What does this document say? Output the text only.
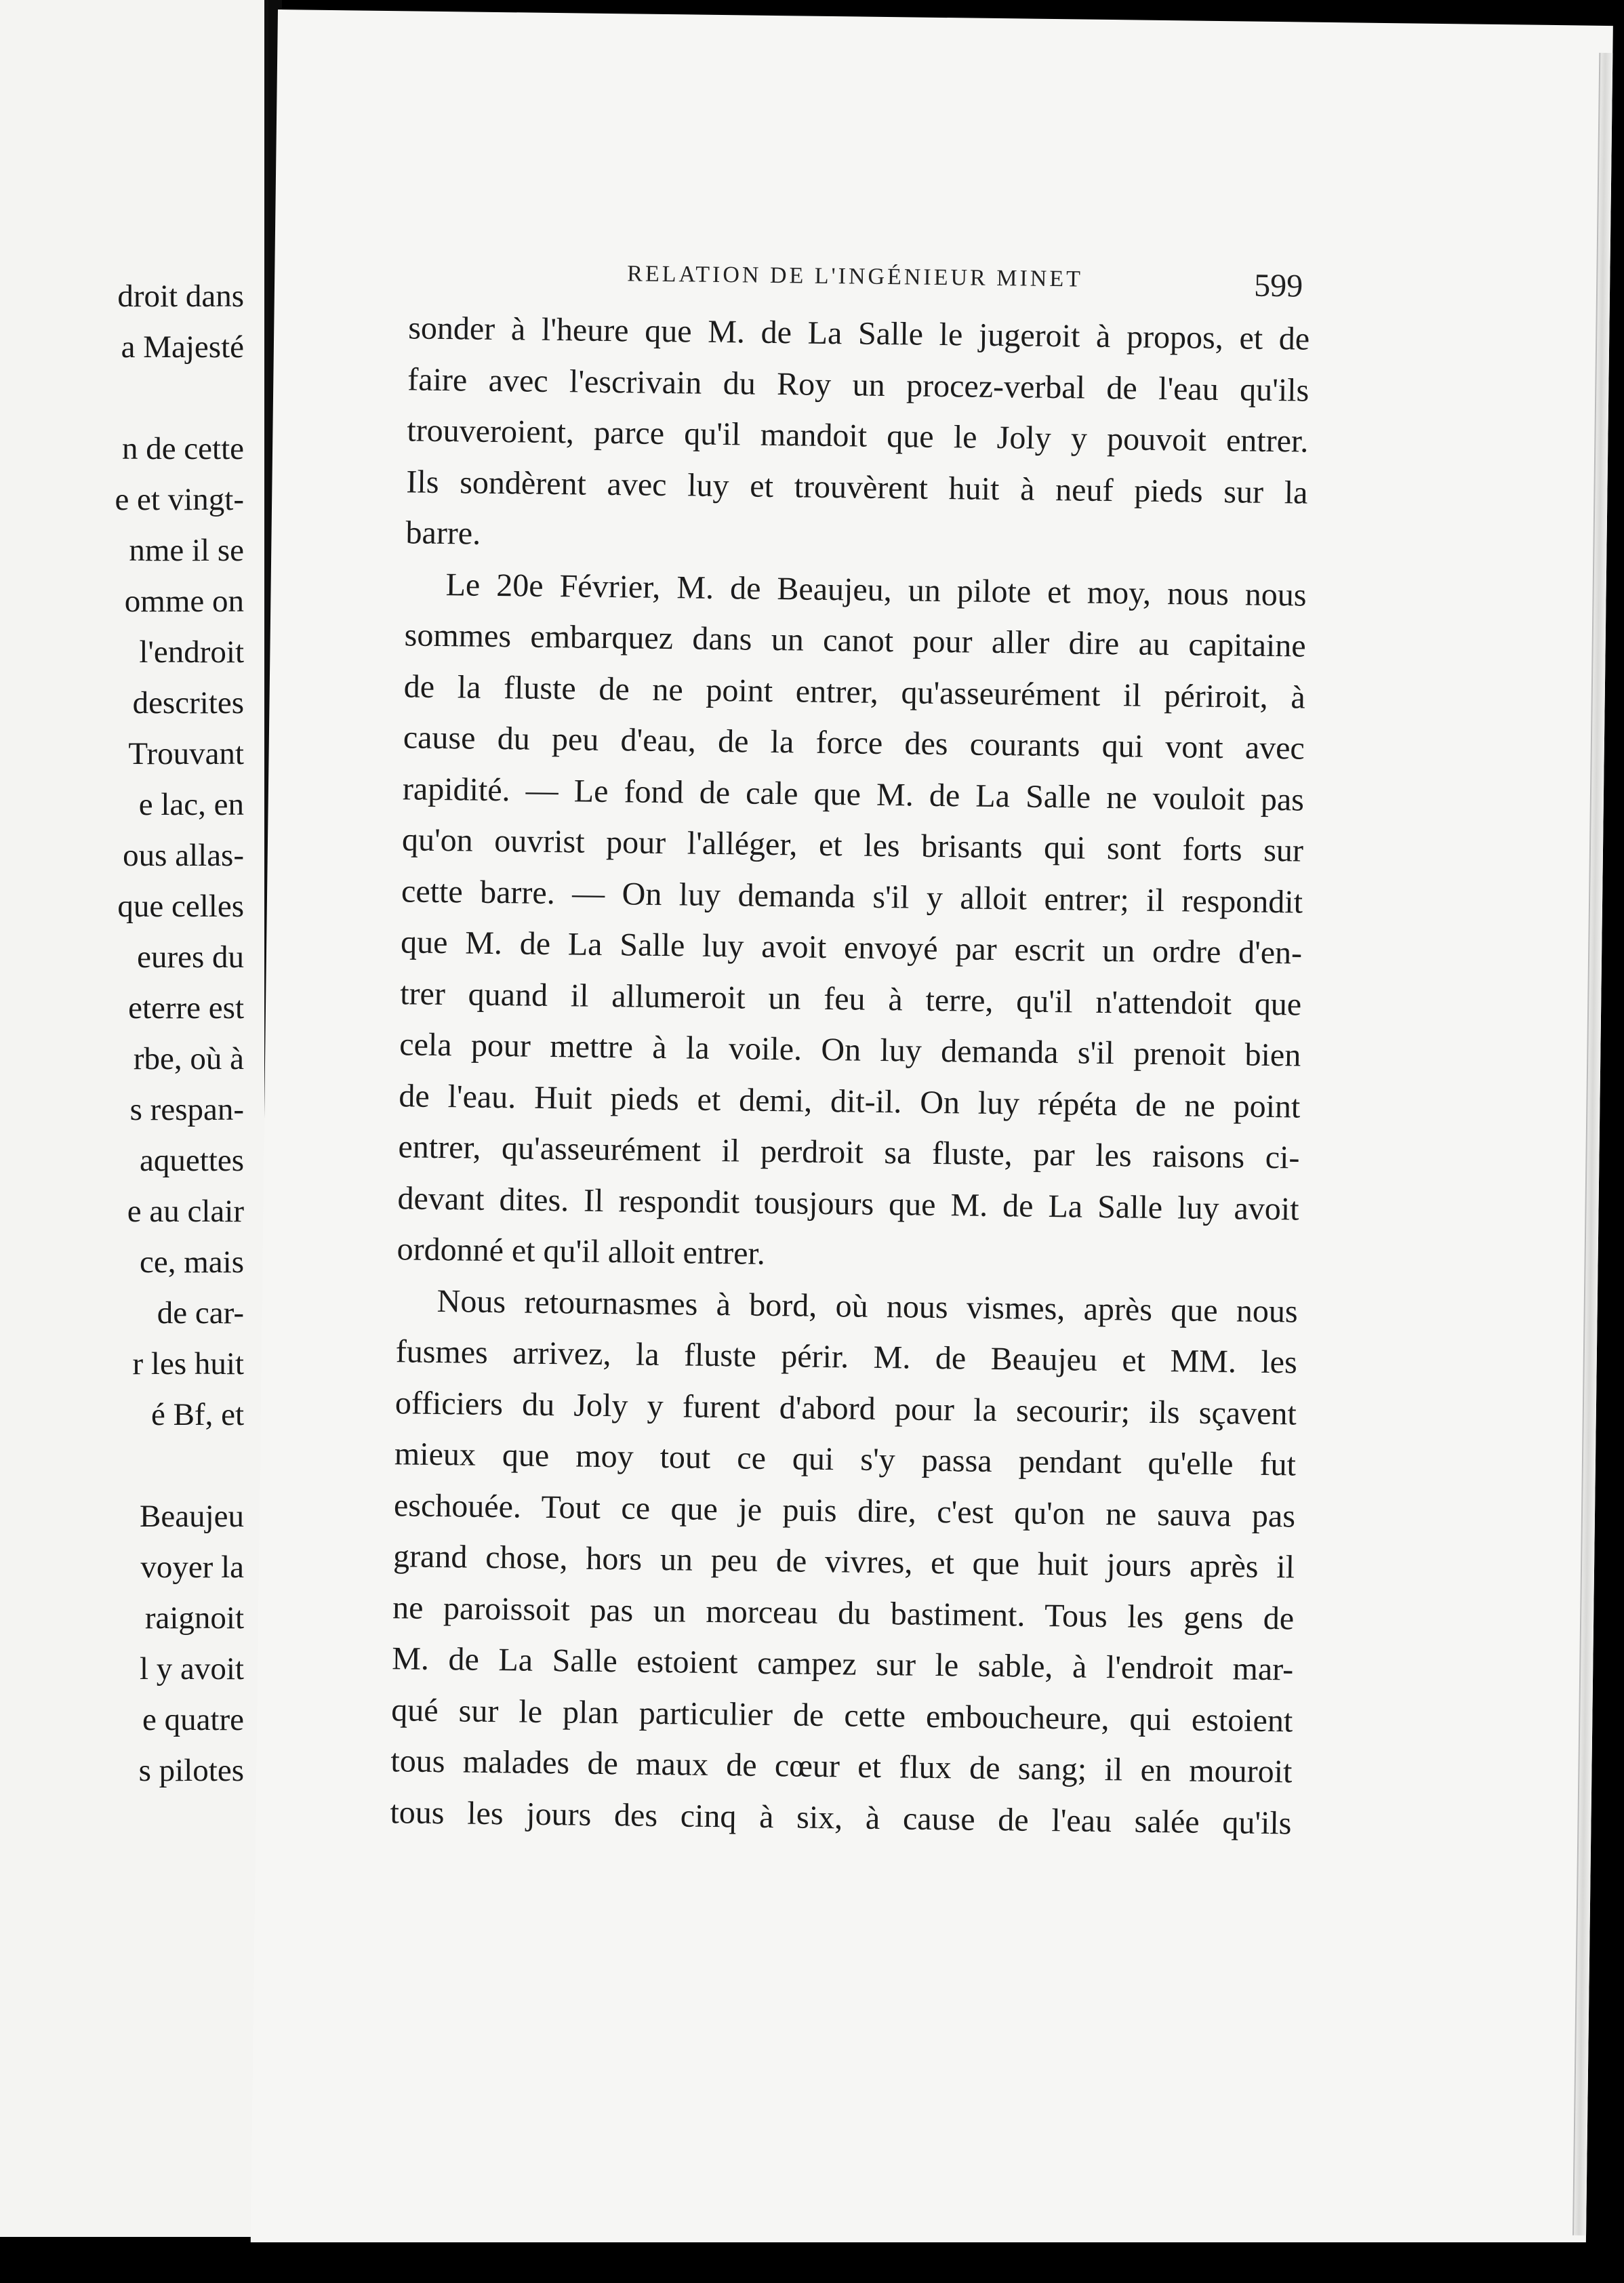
droit dans
a Majesté
n de cette
e et vingt-
nme il se
omme on
l'endroit
descrites
Trouvant
e lac, en
ous allas-
que celles
eures du
eterre est
rbe, où à
s respan-
aquettes
e au clair
ce, mais
de car-
r les huit
é Bf, et
Beaujeu
voyer la
raignoit
l y avoit
e quatre
s pilotes
RELATION DE L'INGÉNIEUR MINET	599
sonder à l'heure que M. de La Salle le jugeroit à propos, et de
faire avec l'escrivain du Roy un procez-verbal de l'eau qu'ils
trouveroient, parce qu'il mandoit que le Joly y pouvoit entrer.
Ils sondèrent avec luy et trouvèrent huit à neuf pieds sur la
barre.
Le 20e Février, M. de Beaujeu, un pilote et moy, nous nous
sommes embarquez dans un canot pour aller dire au capitaine
de la fluste de ne point entrer, qu'asseurément il périroit, à
cause du peu d'eau, de la force des courants qui vont avec
rapidité. — Le fond de cale que M. de La Salle ne vouloit pas
qu'on ouvrist pour l'alléger, et les brisants qui sont forts sur
cette barre. — On luy demanda s'il y alloit entrer; il respondit
que M. de La Salle luy avoit envoyé par escrit un ordre d'en-
trer quand il allumeroit un feu à terre, qu'il n'attendoit que
cela pour mettre à la voile. On luy demanda s'il prenoit bien
de l'eau. Huit pieds et demi, dit-il. On luy répéta de ne point
entrer, qu'asseurément il perdroit sa fluste, par les raisons ci-
devant dites. Il respondit tousjours que M. de La Salle luy avoit
ordonné et qu'il alloit entrer.
Nous retournasmes à bord, où nous vismes, après que nous
fusmes arrivez, la fluste périr. M. de Beaujeu et MM. les
officiers du Joly y furent d'abord pour la secourir; ils sçavent
mieux que moy tout ce qui s'y passa pendant qu'elle fut
eschouée. Tout ce que je puis dire, c'est qu'on ne sauva pas
grand chose, hors un peu de vivres, et que huit jours après il
ne paroissoit pas un morceau du bastiment. Tous les gens de
M. de La Salle estoient campez sur le sable, à l'endroit mar-
qué sur le plan particulier de cette embouchеure, qui estoient
tous malades de maux de cœur et flux de sang; il en mouroit
tous les jours des cinq à six, à cause de l'eau salée qu'ils
